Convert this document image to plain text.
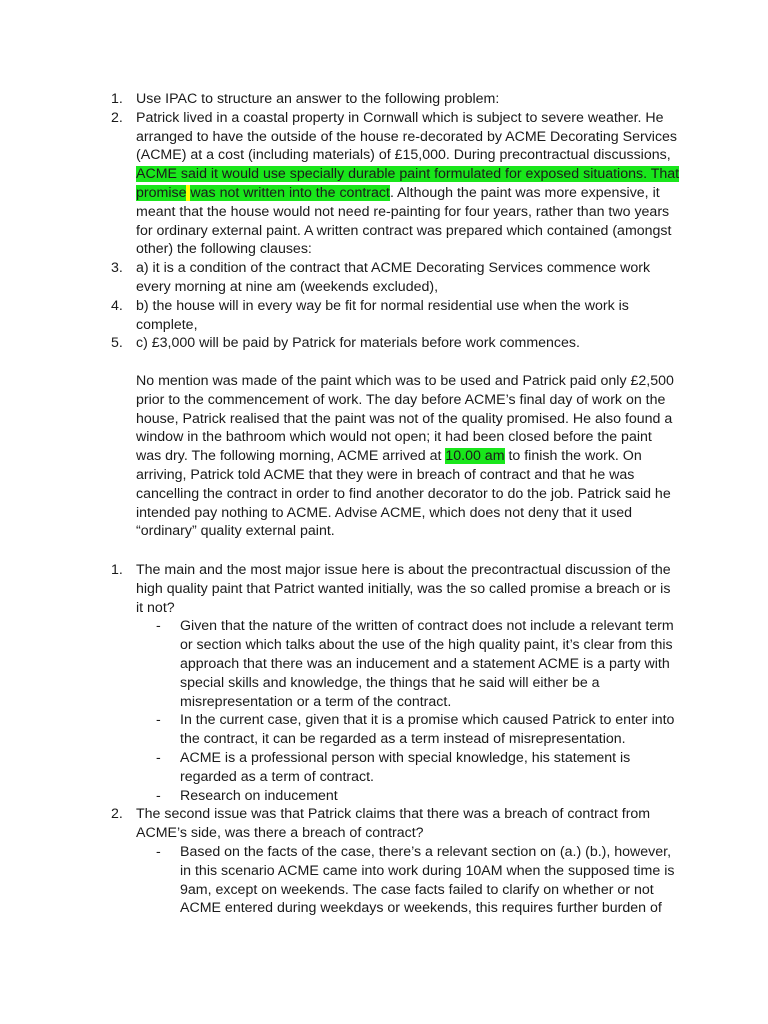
1. Use IPAC to structure an answer to the following problem:
2. Patrick lived in a coastal property in Cornwall which is subject to severe weather. He arranged to have the outside of the house re-decorated by ACME Decorating Services (ACME) at a cost (including materials) of £15,000. During precontractual discussions, ACME said it would use specially durable paint formulated for exposed situations. That promise was not written into the contract. Although the paint was more expensive, it meant that the house would not need re-painting for four years, rather than two years for ordinary external paint. A written contract was prepared which contained (amongst other) the following clauses:
3. a) it is a condition of the contract that ACME Decorating Services commence work every morning at nine am (weekends excluded),
4. b) the house will in every way be fit for normal residential use when the work is complete,
5. c) £3,000 will be paid by Patrick for materials before work commences.
No mention was made of the paint which was to be used and Patrick paid only £2,500 prior to the commencement of work. The day before ACME’s final day of work on the house, Patrick realised that the paint was not of the quality promised. He also found a window in the bathroom which would not open; it had been closed before the paint was dry. The following morning, ACME arrived at 10.00 am to finish the work. On arriving, Patrick told ACME that they were in breach of contract and that he was cancelling the contract in order to find another decorator to do the job. Patrick said he intended pay nothing to ACME. Advise ACME, which does not deny that it used “ordinary” quality external paint.
1. The main and the most major issue here is about the precontractual discussion of the high quality paint that Patrict wanted initially, was the so called promise a breach or is it not?
- Given that the nature of the written of contract does not include a relevant term or section which talks about the use of the high quality paint, it’s clear from this approach that there was an inducement and a statement ACME is a party with special skills and knowledge, the things that he said will either be a misrepresentation or a term of the contract.
- In the current case, given that it is a promise which caused Patrick to enter into the contract, it can be regarded as a term instead of misrepresentation.
- ACME is a professional person with special knowledge, his statement is regarded as a term of contract.
- Research on inducement
2. The second issue was that Patrick claims that there was a breach of contract from ACME’s side, was there a breach of contract?
- Based on the facts of the case, there’s a relevant section on (a.) (b.), however, in this scenario ACME came into work during 10AM when the supposed time is 9am, except on weekends. The case facts failed to clarify on whether or not ACME entered during weekdays or weekends, this requires further burden of
